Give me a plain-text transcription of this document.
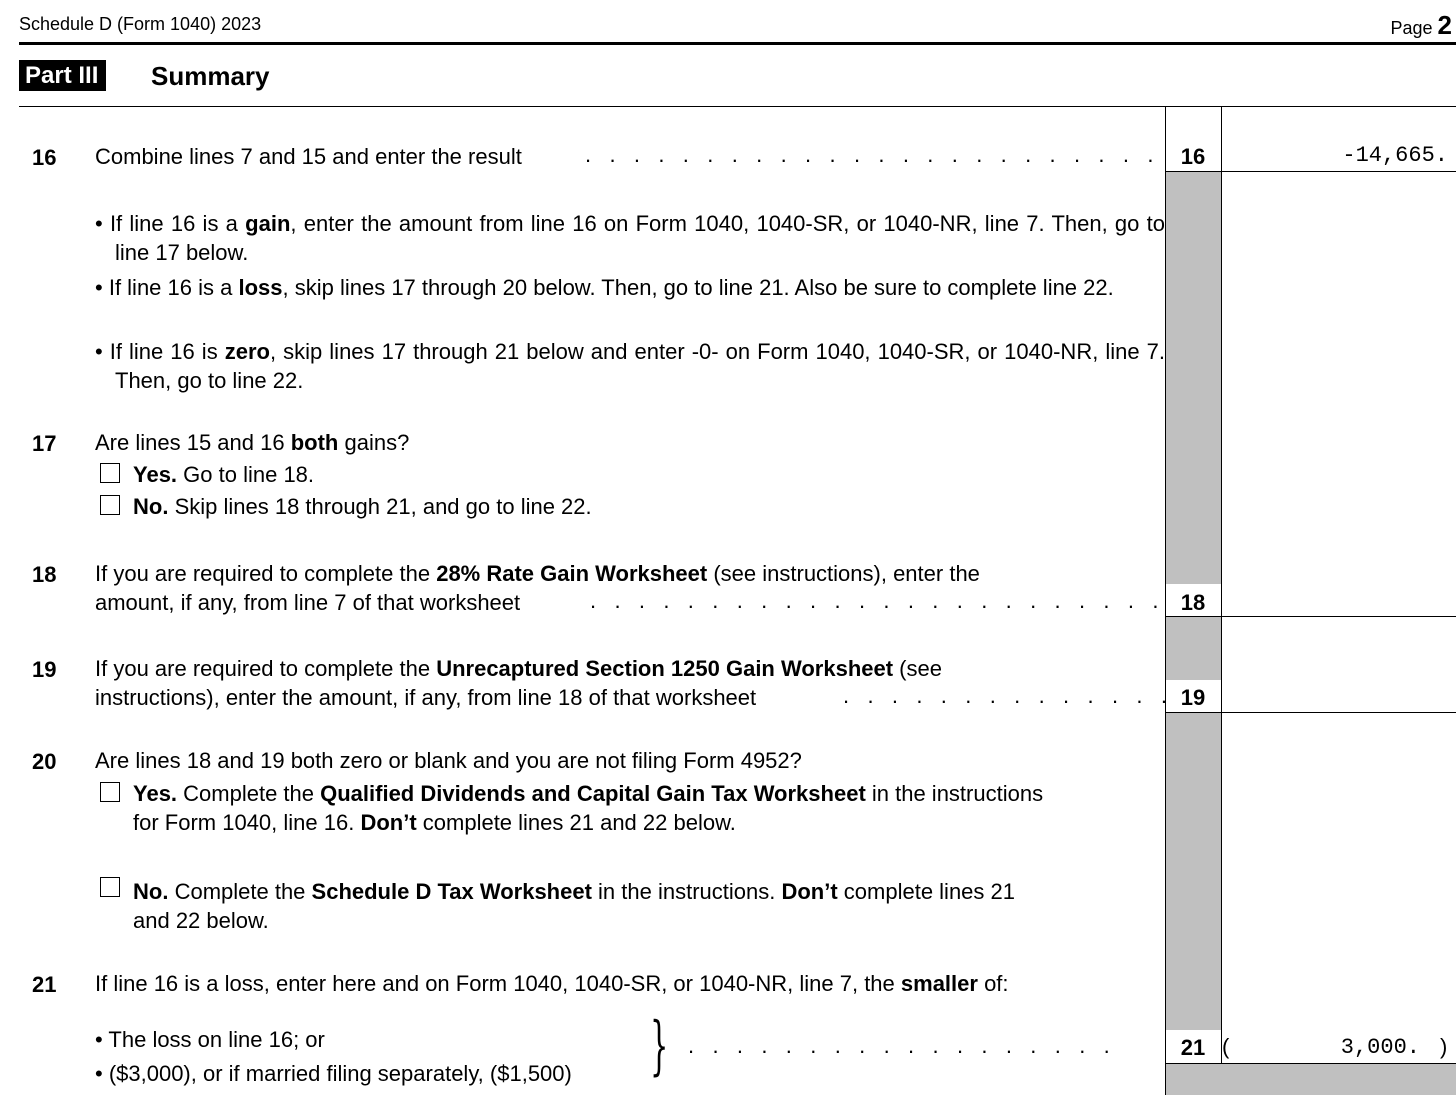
Schedule D (Form 1040) 2023	Page 2
Part III	Summary
16 Combine lines 7 and 15 and enter the result	.   .   .   .   .   .   .   .   .   .   .   .   .   .   .   .   .   .   .   .   .   .   .   .	16	-14,665.
• If line 16 is a gain, enter the amount from line 16 on Form 1040, 1040-SR, or 1040-NR, line 7. Then, go to line 17 below.
• If line 16 is a loss, skip lines 17 through 20 below. Then, go to line 21. Also be sure to complete line 22.
• If line 16 is zero, skip lines 17 through 21 below and enter -0- on Form 1040, 1040-SR, or 1040-NR, line 7. Then, go to line 22.
17 Are lines 15 and 16 both gains?
Yes. Go to line 18.
No. Skip lines 18 through 21, and go to line 22.
18 If you are required to complete the 28% Rate Gain Worksheet (see instructions), enter the
amount, if any, from line 7 of that worksheet	.   .   .   .   .   .   .   .   .   .   .   .   .   .   .   .   .   .   .   .   .   .   .   .	18
19 If you are required to complete the Unrecaptured Section 1250 Gain Worksheet (see
instructions), enter the amount, if any, from line 18 of that worksheet	.   .   .   .   .   .   .   .   .   .   .   .   .   . 19
20 Are lines 18 and 19 both zero or blank and you are not filing Form 4952?
Yes. Complete the Qualified Dividends and Capital Gain Tax Worksheet in the instructions
for Form 1040, line 16. Don’t complete lines 21 and 22 below.
No. Complete the Schedule D Tax Worksheet in the instructions. Don’t complete lines 21
and 22 below.
21 If line 16 is a loss, enter here and on Form 1040, 1040-SR, or 1040-NR, line 7, the smaller of:
• The loss on line 16; or
• ($3,000), or if married filing separately, ($1,500) } .   .   .   .   .   .   .   .   .   .   .   .   .   .   .   .   .   .	21 (	3,000. )
